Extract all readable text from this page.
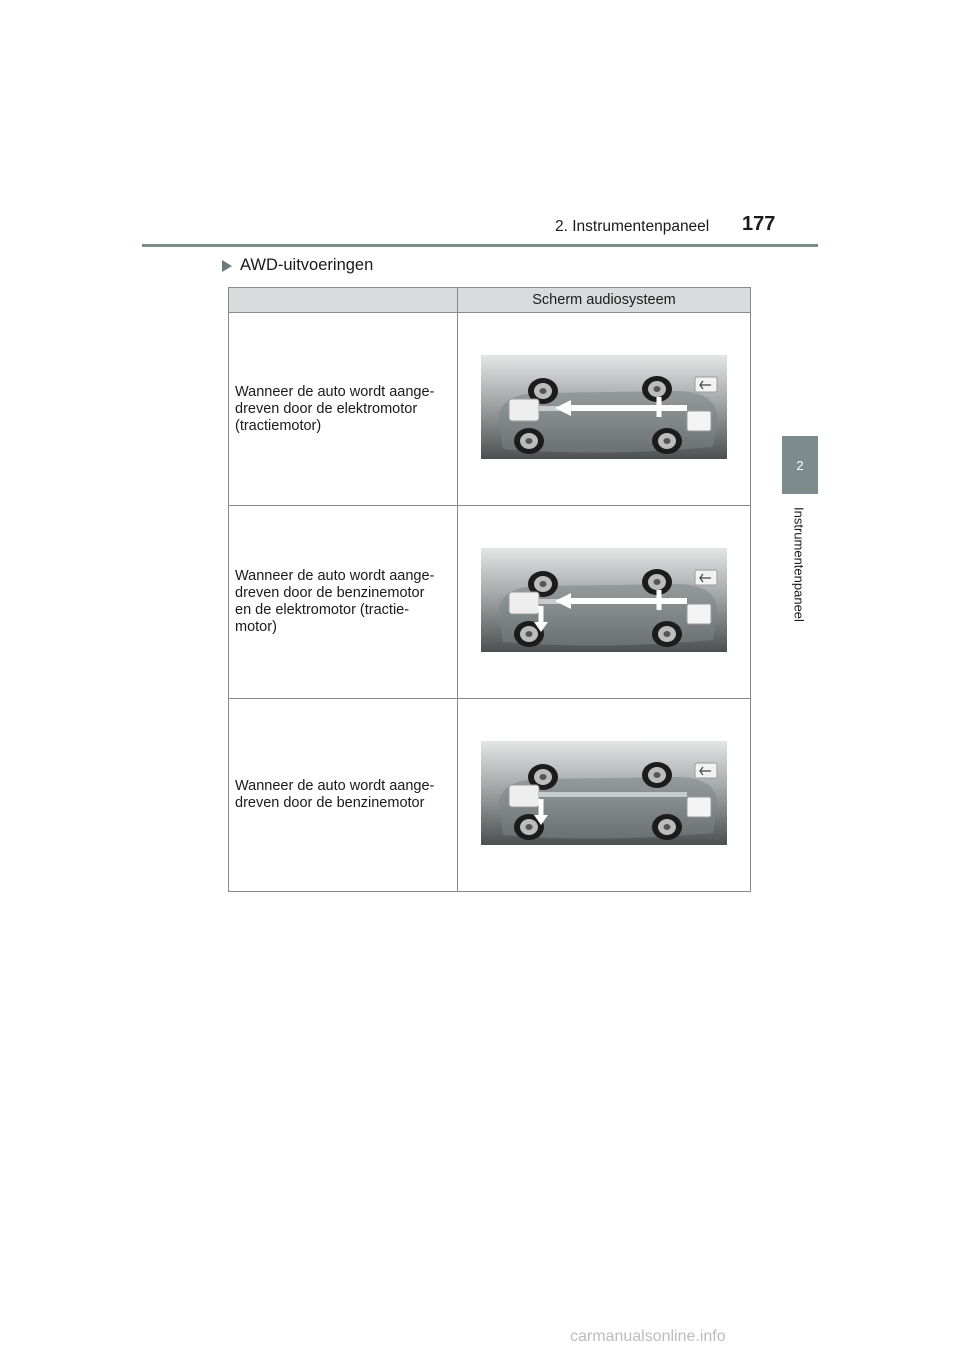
2. Instrumentenpaneel 177
2
Instrumentenpaneel
AWD-uitvoeringen
	Scherm audiosysteem

Wanneer de auto wordt aange-
dreven door de elektromotor
(tractiemotor)

Wanneer de auto wordt aange-
dreven door de benzinemotor
en de elektromotor (tractie-
motor)

Wanneer de auto wordt aange-
dreven door de benzinemotor

carmanualsonline.info
